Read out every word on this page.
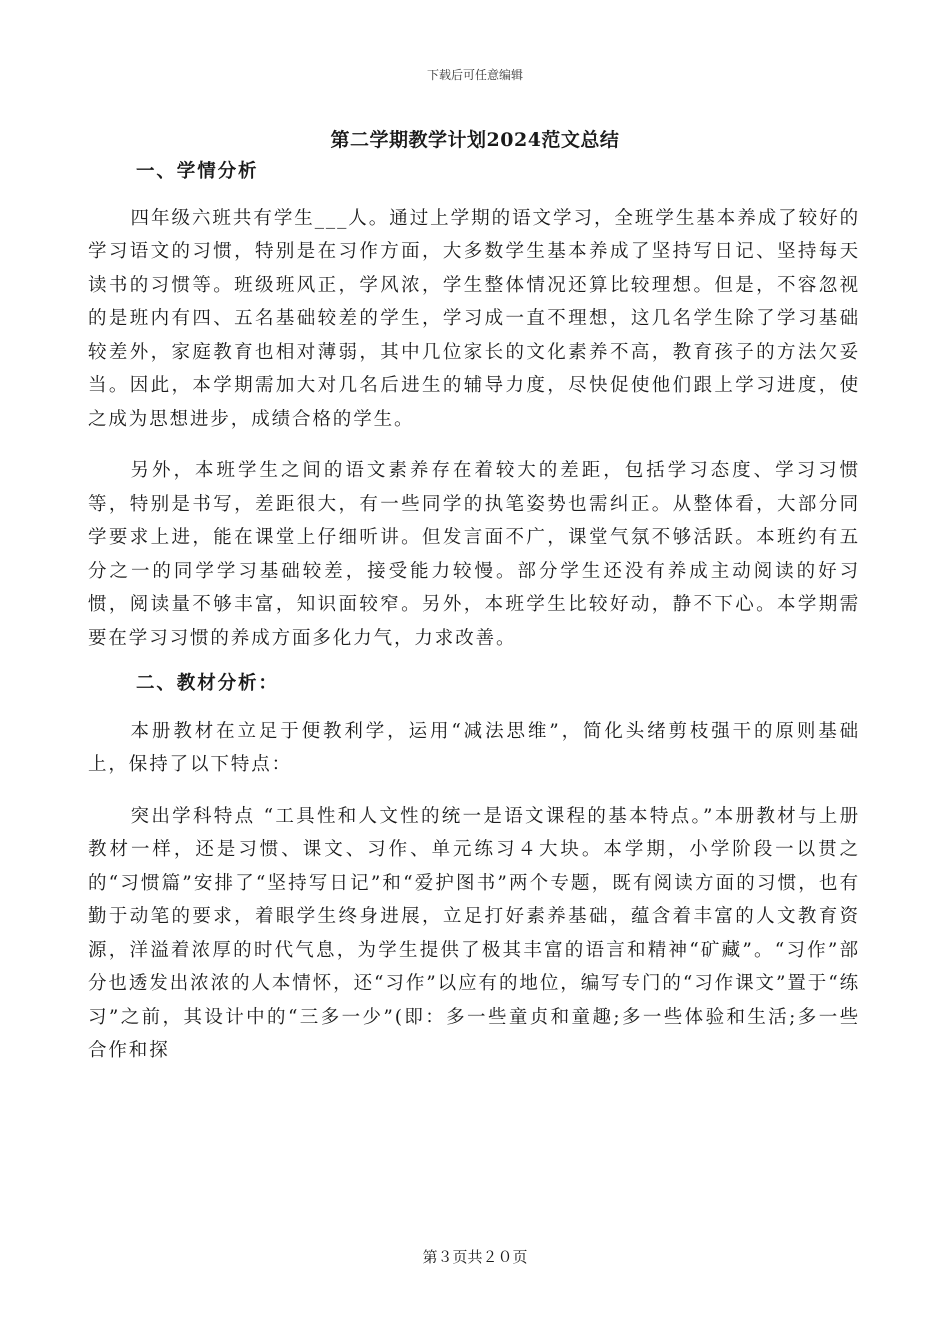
下载后可任意编辑
第二学期教学计划2024范文总结
一、学情分析

四年级六班共有学生___人。通过上学期的语文学习，全班学生基本养成了较好的学习语文的习惯，特别是在习作方面，大多数学生基本养成了坚持写日记、坚持每天读书的习惯等。班级班风正，学风浓，学生整体情况还算比较理想。但是，不容忽视的是班内有四、五名基础较差的学生，学习成一直不理想，这几名学生除了学习基础较差外，家庭教育也相对薄弱，其中几位家长的文化素养不高，教育孩子的方法欠妥当。因此，本学期需加大对几名后进生的辅导力度，尽快促使他们跟上学习进度，使之成为思想进步，成绩合格的学生。

另外，本班学生之间的语文素养存在着较大的差距，包括学习态度、学习习惯等，特别是书写，差距很大，有一些同学的执笔姿势也需纠正。从整体看，大部分同学要求上进，能在课堂上仔细听讲。但发言面不广，课堂气氛不够活跃。本班约有五分之一的同学学习基础较差，接受能力较慢。部分学生还没有养成主动阅读的好习惯，阅读量不够丰富，知识面较窄。另外，本班学生比较好动，静不下心。本学期需要在学习习惯的养成方面多化力气，力求改善。

二、教材分析：

本册教材在立足于便教利学，运用“减法思维”，简化头绪剪枝强干的原则基础上，保持了以下特点：

突出学科特点 “工具性和人文性的统一是语文课程的基本特点。”本册教材与上册教材一样，还是习惯、课文、习作、单元练习４大块。本学期，小学阶段一以贯之的“习惯篇”安排了“坚持写日记”和“爱护图书”两个专题，既有阅读方面的习惯，也有勤于动笔的要求，着眼学生终身进展，立足打好素养基础，蕴含着丰富的人文教育资源，洋溢着浓厚的时代气息，为学生提供了极其丰富的语言和精神“矿藏”。“习作”部分也透发出浓浓的人本情怀，还“习作”以应有的地位，编写专门的“习作课文”置于“练习”之前，其设计中的“三多一少”(即：多一些童贞和童趣;多一些体验和生活;多一些合作和探

第３页共２０页
